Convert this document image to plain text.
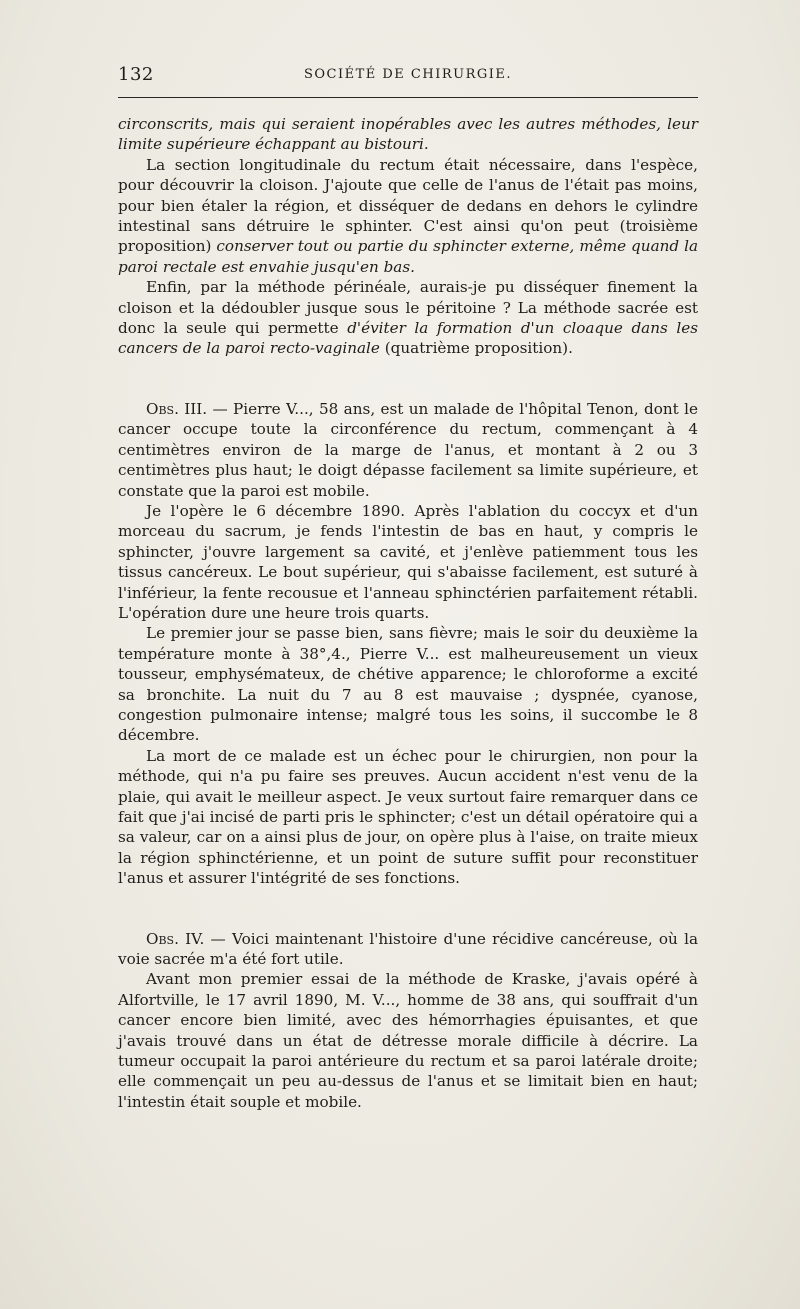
132	SOCIÉTÉ DE CHIRURGIE.

circonscrits, mais qui seraient inopérables avec les autres méthodes, leur limite supérieure échappant au bistouri.

La section longitudinale du rectum était nécessaire, dans l'espèce, pour découvrir la cloison. J'ajoute que celle de l'anus de l'était pas moins, pour bien étaler la région, et disséquer de dedans en dehors le cylindre intestinal sans détruire le sphinter. C'est ainsi qu'on peut (troisième proposition) conserver tout ou partie du sphincter externe, même quand la paroi rectale est envahie jusqu'en bas.

Enfin, par la méthode périnéale, aurais-je pu disséquer finement la cloison et la dédoubler jusque sous le péritoine ? La méthode sacrée est donc la seule qui permette d'éviter la formation d'un cloaque dans les cancers de la paroi recto-vaginale (quatrième proposition).

Obs. III. — Pierre V..., 58 ans, est un malade de l'hôpital Tenon, dont le cancer occupe toute la circonférence du rectum, commençant à 4 centimètres environ de la marge de l'anus, et montant à 2 ou 3 centimètres plus haut; le doigt dépasse facilement sa limite supérieure, et constate que la paroi est mobile.

Je l'opère le 6 décembre 1890. Après l'ablation du coccyx et d'un morceau du sacrum, je fends l'intestin de bas en haut, y compris le sphincter, j'ouvre largement sa cavité, et j'enlève patiemment tous les tissus cancéreux. Le bout supérieur, qui s'abaisse facilement, est suturé à l'inférieur, la fente recousue et l'anneau sphinctérien parfaitement rétabli. L'opération dure une heure trois quarts.

Le premier jour se passe bien, sans fièvre; mais le soir du deuxième la température monte à 38°,4., Pierre V... est malheureusement un vieux tousseur, emphysémateux, de chétive apparence; le chloroforme a excité sa bronchite. La nuit du 7 au 8 est mauvaise ; dyspnée, cyanose, congestion pulmonaire intense; malgré tous les soins, il succombe le 8 décembre.

La mort de ce malade est un échec pour le chirurgien, non pour la méthode, qui n'a pu faire ses preuves. Aucun accident n'est venu de la plaie, qui avait le meilleur aspect. Je veux surtout faire remarquer dans ce fait que j'ai incisé de parti pris le sphincter; c'est un détail opératoire qui a sa valeur, car on a ainsi plus de jour, on opère plus à l'aise, on traite mieux la région sphinctérienne, et un point de suture suffit pour reconstituer l'anus et assurer l'intégrité de ses fonctions.

Obs. IV. — Voici maintenant l'histoire d'une récidive cancéreuse, où la voie sacrée m'a été fort utile.

Avant mon premier essai de la méthode de Kraske, j'avais opéré à Alfortville, le 17 avril 1890, M. V..., homme de 38 ans, qui souffrait d'un cancer encore bien limité, avec des hémorrhagies épuisantes, et que j'avais trouvé dans un état de détresse morale difficile à décrire. La tumeur occupait la paroi antérieure du rectum et sa paroi latérale droite; elle commençait un peu au-dessus de l'anus et se limitait bien en haut; l'intestin était souple et mobile.
